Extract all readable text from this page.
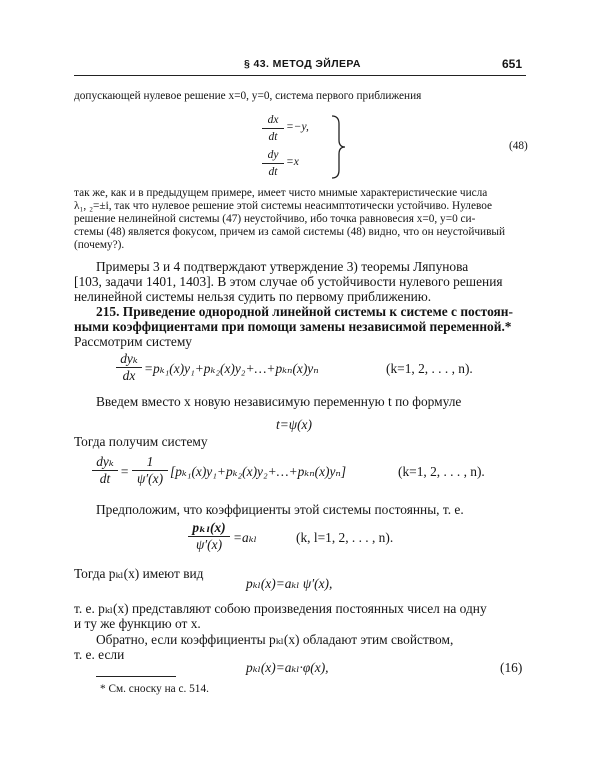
§ 43. МЕТОД ЭЙЛЕРА	651
допускающей нулевое решение x=0, y=0, система первого приближения
dx
dt
=−y,
dy
dt
=x
(48)
так же, как и в предыдущем примере, имеет чисто мнимые характеристические числа
λ₁, ₂=±i, так что нулевое решение этой системы неасимптотически устойчиво. Нулевое
решение нелинейной системы (47) неустойчиво, ибо точка равновесия x=0, y=0 си-
стемы (48) является фокусом, причем из самой системы (48) видно, что он неустойчивый
(почему?).
Примеры 3 и 4 подтверждают утверждение 3) теоремы Ляпунова
[103, задачи 1401, 1403]. В этом случае об устойчивости нулевого решения
нелинейной системы нельзя судить по первому приближению.
215. Приведение однородной линейной системы к системе с постоян-
ными коэффициентами при помощи замены независимой переменной.*
Рассмотрим систему
dyₖ
dx =pₖ₁(x)y₁+pₖ₂(x)y₂+…+pₖₙ(x)yₙ	(k=1, 2, . . . , n).
Введем вместо x новую независимую переменную t по формуле
t=ψ(x)
Тогда получим систему
dyₖ
dt =
1
ψ′(x) [pₖ₁(x)y₁+pₖ₂(x)y₂+…+pₖₙ(x)yₙ]	(k=1, 2, . . . , n).
Предположим, что коэффициенты этой системы постоянны, т. е.
pₖₗ(x)
ψ′(x) =aₖₗ	(k, l=1, 2, . . . , n).
Тогда pₖₗ(x) имеют вид
pₖₗ(x)=aₖₗ ψ′(x),
т. е. pₖₗ(x) представляют собою произведения постоянных чисел на одну
и ту же функцию от x.
Обратно, если коэффициенты pₖₗ(x) обладают этим свойством,
т. е. если
pₖₗ(x)=aₖₗ·φ(x),	(16)
* См. сноску на с. 514.
